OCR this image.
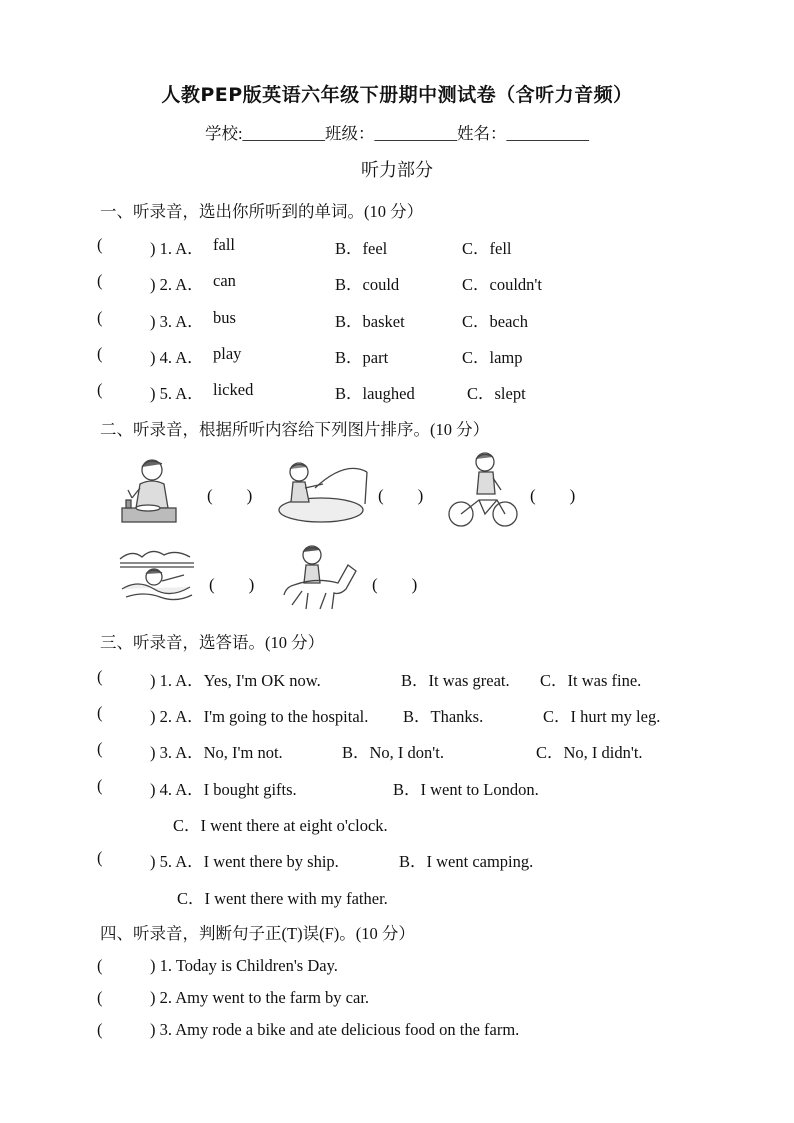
人教PEP版英语六年级下册期中测试卷（含听力音频）
学校:__________班级：__________姓名：__________
听力部分
一、听录音，选出你所听到的单词。(10 分）
(	) 1. A． fall	B．feel	C．fell
(	) 2. A． can	B．could	C．couldn't
(	) 3. A． bus	B．basket	C．beach
(	) 4. A． play	B．part	C．lamp
(	) 5. A． licked	B．laughed	C．slept
二、听录音，根据所听内容给下列图片排序。(10 分）
(　　)	(　　)	(　　)
(　　)	(　　)
三、听录音，选答语。(10 分）
(	) 1. A．Yes, I'm OK now.	B．It was great. C．It was fine.
(	) 2. A．I'm going to the hospital. B．Thanks.	C．I hurt my leg.
(	) 3. A．No, I'm not.	B．No, I don't.	C．No, I didn't.
(	) 4. A．I bought gifts.	B．I went to London.
C．I went there at eight o'clock.
(	) 5. A．I went there by ship.	B．I went camping.
C．I went there with my father.
四、听录音，判断句子正(T)误(F)。(10 分）
(	) 1. Today is Children's Day.
(	) 2. Amy went to the farm by car.
(	) 3. Amy rode a bike and ate delicious food on the farm.
